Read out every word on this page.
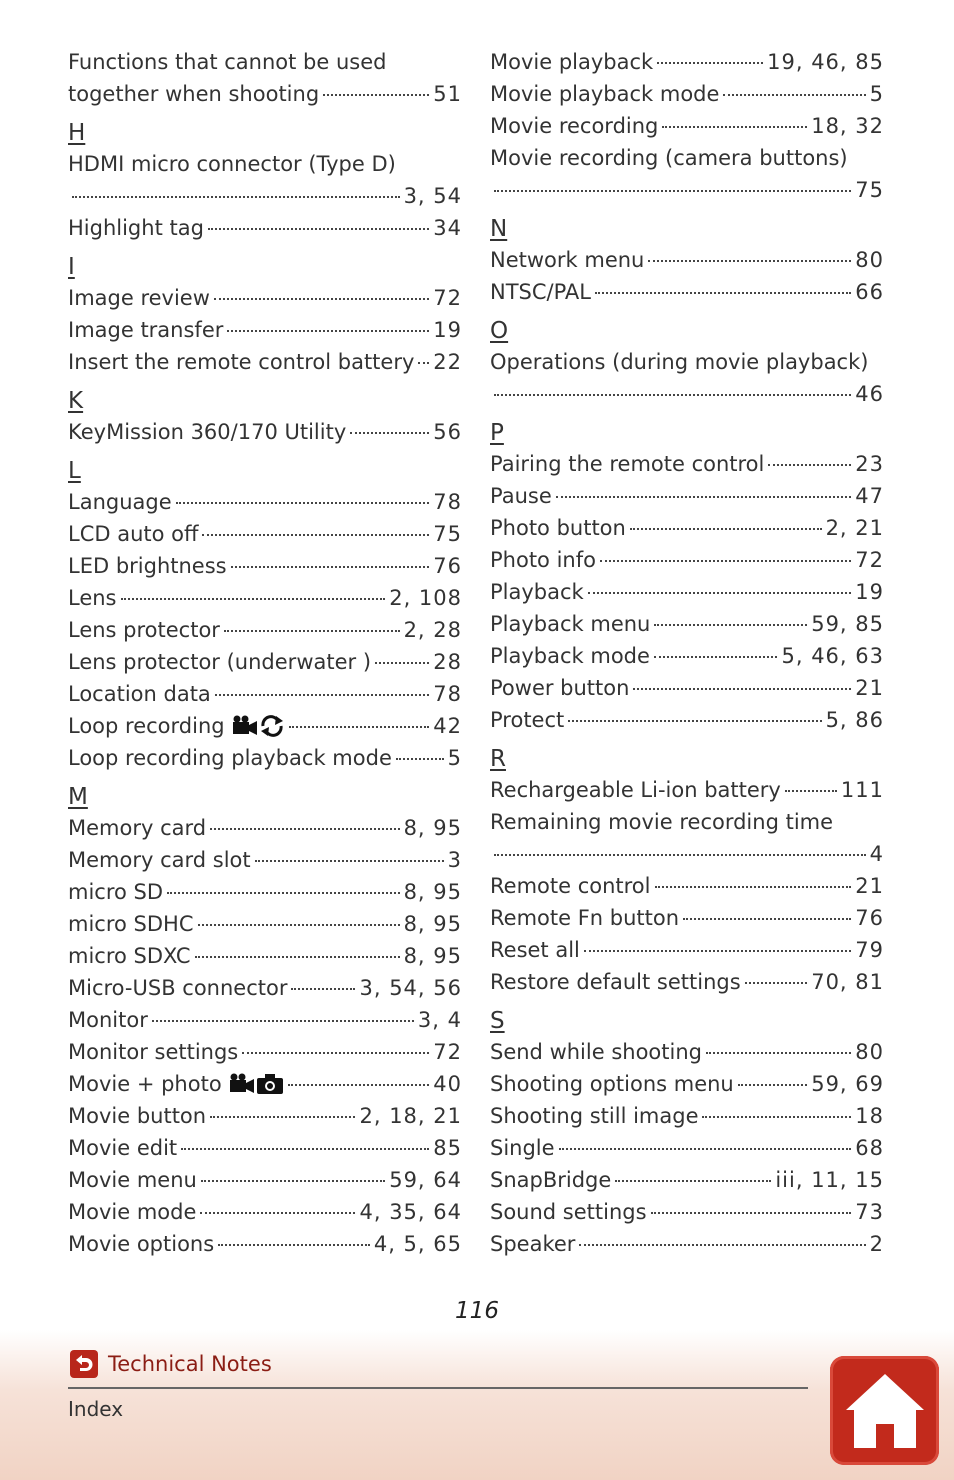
Functions that cannot be used
together when shooting	51
H
HDMI micro connector (Type D)
3, 54
Highlight tag	34
I
Image review	72
Image transfer	19
Insert the remote control battery 22
K
KeyMission 360/170 Utility	56
L
Language	78
LCD auto off	75
LED brightness	76
Lens	2, 108
Lens protector	2, 28
Lens protector (underwater )	28
Location data	78
Loop recording	42
Loop recording playback mode	5
M
Memory card	8, 95
Memory card slot	3
micro SD	8, 95
micro SDHC	8, 95
micro SDXC	8, 95
Micro-USB connector	3, 54, 56
Monitor	3, 4
Monitor settings	72
Movie + photo	40
Movie button	2, 18, 21
Movie edit	85
Movie menu	59, 64
Movie mode	4, 35, 64
Movie options	4, 5, 65
Movie playback	19, 46, 85
Movie playback mode	5
Movie recording	18, 32
Movie recording (camera buttons)
75
N
Network menu	80
NTSC/PAL	66
O
Operations (during movie playback)
46
P
Pairing the remote control	23
Pause	47
Photo button	2, 21
Photo info	72
Playback	19
Playback menu	59, 85
Playback mode	5, 46, 63
Power button	21
Protect	5, 86
R
Rechargeable Li-ion battery	111
Remaining movie recording time
4
Remote control	21
Remote Fn button	76
Reset all	79
Restore default settings	70, 81
S
Send while shooting	80
Shooting options menu	59, 69
Shooting still image	18
Single	68
SnapBridge	iii, 11, 15
Sound settings	73
Speaker	2
116
Technical Notes
Index
